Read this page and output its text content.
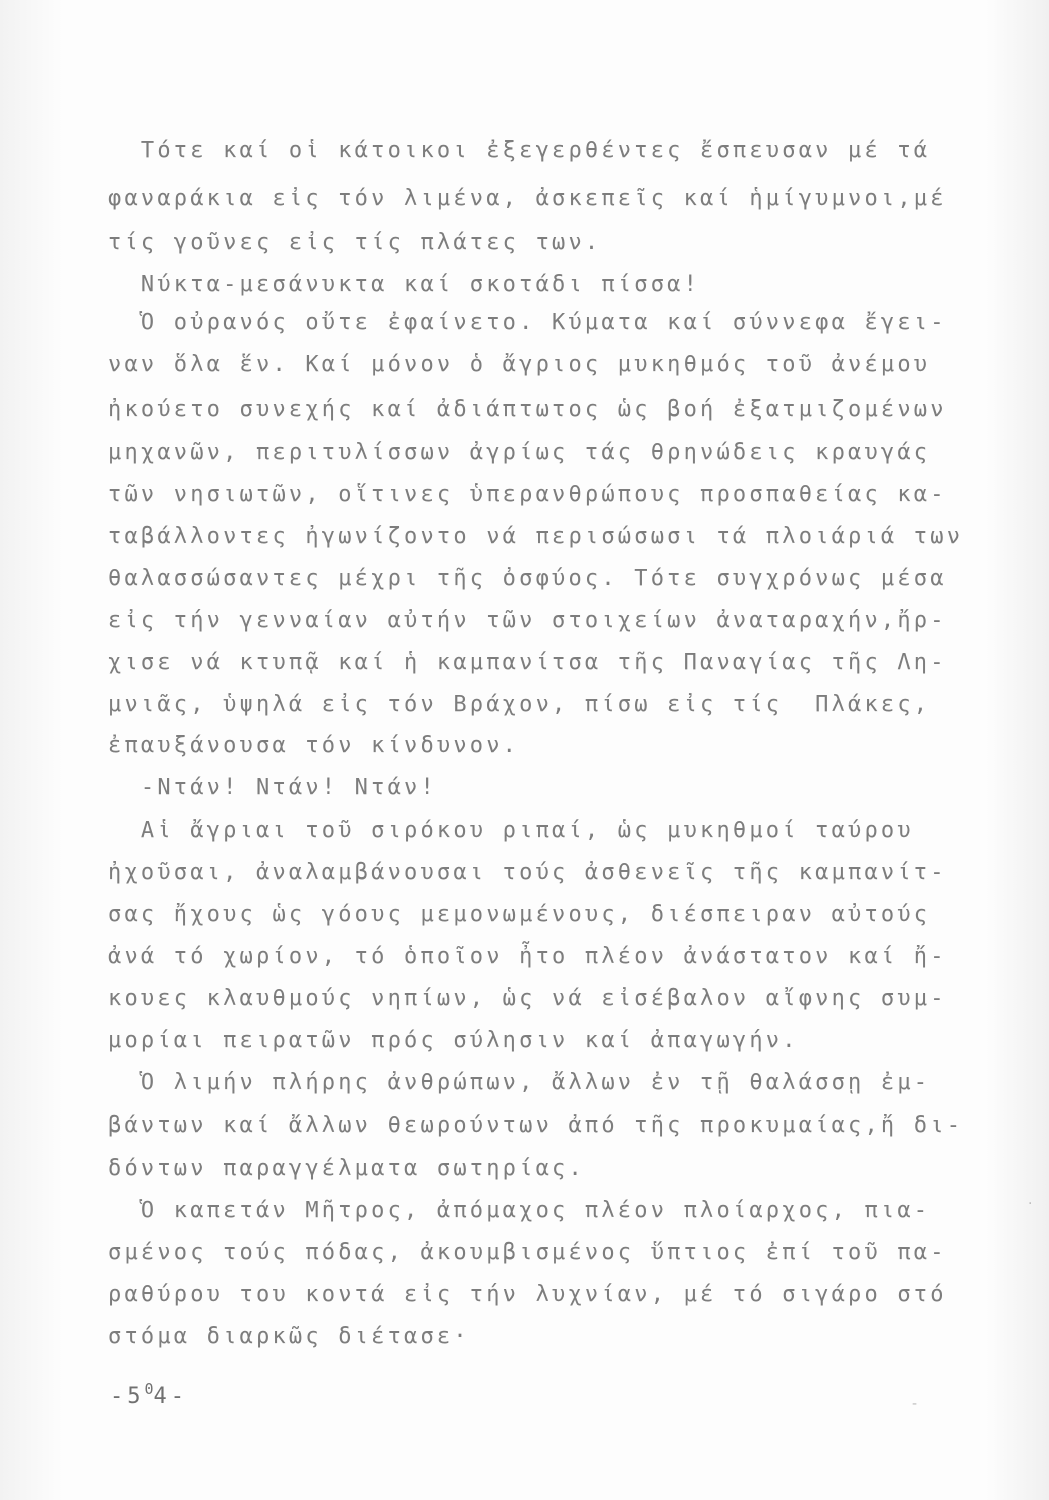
Τότε καί οἱ κάτοικοι ἐξεγερθέντες ἔσπευσαν μέ τά
φαναράκια εἰς τόν λιμένα, ἀσκεπεῖς καί ἡμίγυμνοι,μέ
τίς γοῦνες εἰς τίς πλάτες των.
Νύκτα-μεσάνυκτα καί σκοτάδι πίσσα!
Ὁ οὐρανός οὔτε ἐφαίνετο. Κύματα καί σύννεφα ἔγει-
ναν ὅλα ἕν. Καί μόνον ὁ ἄγριος μυκηθμός τοῦ ἀνέμου
ἠκούετο συνεχής καί ἀδιάπτωτος ὡς βοή ἐξατμιζομένων
μηχανῶν, περιτυλίσσων ἀγρίως τάς θρηνώδεις κραυγάς
τῶν νησιωτῶν, οἵτινες ὑπερανθρώπους προσπαθείας κα-
ταβάλλοντες ἠγωνίζοντο νά περισώσωσι τά πλοιάριά των
θαλασσώσαντες μέχρι τῆς ὀσφύος. Τότε συγχρόνως μέσα
εἰς τήν γενναίαν αὐτήν τῶν στοιχείων ἀναταραχήν,ἤρ-
χισε νά κτυπᾷ καί ἡ καμπανίτσα τῆς Παναγίας τῆς Λη-
μνιᾶς, ὑψηλά εἰς τόν Βράχον, πίσω εἰς τίς  Πλάκες,
ἐπαυξάνουσα τόν κίνδυνον.
-Ντάν! Ντάν! Ντάν!
Αἱ ἄγριαι τοῦ σιρόκου ριπαί, ὡς μυκηθμοί ταύρου
ἠχοῦσαι, ἀναλαμβάνουσαι τούς ἀσθενεῖς τῆς καμπανίτ-
σας ἤχους ὡς γόους μεμονωμένους, διέσπειραν αὐτούς
ἀνά τό χωρίον, τό ὁποῖον ἦτο πλέον ἀνάστατον καί ἤ-
κουες κλαυθμούς νηπίων, ὡς νά εἰσέβαλον αἴφνης συμ-
μορίαι πειρατῶν πρός σύλησιν καί ἀπαγωγήν.
Ὁ λιμήν πλήρης ἀνθρώπων, ἄλλων ἐν τῇ θαλάσσῃ ἐμ-
βάντων καί ἄλλων θεωρούντων ἀπό τῆς προκυμαίας,ἤ δι-
δόντων παραγγέλματα σωτηρίας.
Ὁ καπετάν Μῆτρος, ἀπόμαχος πλέον πλοίαρχος, πια-
σμένος τούς πόδας, ἀκουμβισμένος ὕπτιος ἐπί τοῦ πα-
ραθύρου του κοντά εἰς τήν λυχνίαν, μέ τό σιγάρο στό
στόμα διαρκῶς διέτασε·
$-5^04-$
·
-
